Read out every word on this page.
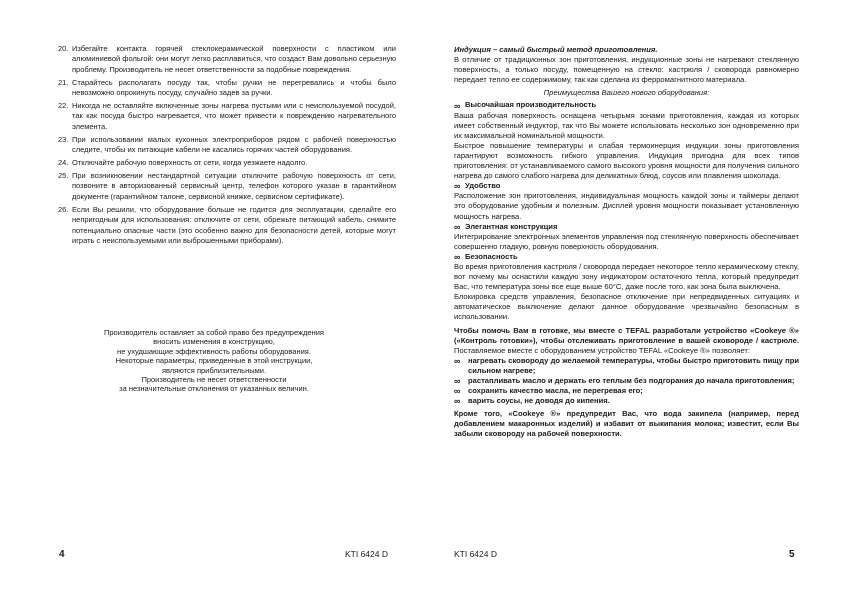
20. Избегайте контакта горячей стеклокерамической поверхности с пластиком или алюминиевой фольгой: они могут легко расплавиться, что создаст Вам довольно серьезную проблему. Производитель не несет ответственности за подобные повреждения.
21. Старайтесь располагать посуду так, чтобы ручки не перегревались и чтобы было невозможно опрокинуть посуду, случайно задев за ручки.
22. Никогда не оставляйте включенные зоны нагрева пустыми или с неиспользуемой посудой, так как посуда быстро нагревается, что может привести к повреждению нагревательного элемента.
23. При использовании малых кухонных электроприборов рядом с рабочей поверхностью следите, чтобы их питающие кабели не касались горячих частей оборудования.
24. Отключайте рабочую поверхность от сети, когда уезжаете надолго.
25. При возникновении нестандартной ситуации отключите рабочую поверхность от сети, позвоните в авторизованный сервисный центр, телефон которого указан в гарантийном документе (гарантийном талоне, сервисной книжке, сервисном сертификате).
26. Если Вы решили, что оборудование больше не годится для эксплуатации, сделайте его непригодным для использования: отключите от сети, обрежьте питающий кабель, снимите потенциально опасные части (это особенно важно для безопасности детей, которые могут играть с неиспользуемыми или выброшенными приборами).
Производитель оставляет за собой право без предупреждения
вносить изменения в конструкцию,
не ухудшающие эффективность работы оборудования.
Некоторые параметры, приведенные в этой инструкции,
являются приблизительными.
Производитель не несет ответственности
за незначительные отклонения от указанных величин.
4	KTI 6424 D

Индукция – самый быстрый метод приготовления.

В отличие от традиционных зон приготовления, индукционные зоны не нагревают стеклянную поверхность, а только посуду, помещенную на стекло: кастрюля / сковорода равномерно передает тепло ее содержимому, так как сделана из ферромагнитного материала.

Преимущества Вашего нового оборудования:

∞ Высочайшая производительность

Ваша рабочая поверхность оснащена четырьмя зонами приготовления, каждая из которых имеет собственный индуктор, так что Вы можете использовать несколько зон одновременно при их максимальной номинальной мощности.

Быстрое повышение температуры и слабая термоинерция индукции зоны приготовления гарантируют возможность гибкого управления. Индукция пригодна для всех типов приготовления: от устанавливаемого самого высокого уровня мощности для получения сильного нагрева до самого слабого нагрева для деликатных блюд, соусов или плавления шоколада.

∞ Удобство

Расположение зон приготовления, индивидуальная мощность каждой зоны и таймеры делают это оборудование удобным и полезным. Дисплей уровня мощности показывает установленную мощность нагрева.

∞ Элегантная конструкция

Интегрирование электронных элементов управления под стеклянную поверхность обеспечивает совершенно гладкую, ровную поверхность оборудования.

∞ Безопасность

Во время приготовления кастрюля / сковорода передает некоторое тепло керамическому стеклу, вот почему мы оснастили каждую зону индикатором остаточного тепла, который предупредит Вас, что температура зоны все еще выше 60°C, даже после того, как зона была выключена.

Блокировка средств управления, безопасное отключение при непредвиденных ситуациях и автоматическое выключение делают данное оборудование чрезвычайно безопасным в использовании.

Чтобы помочь Вам в готовке, мы вместе с TEFAL разработали устройство «Cookeye ®» («Контроль готовки»), чтобы отслеживать приготовление в вашей сковороде / кастрюле. Поставляемое вместе с оборудованием устройство TEFAL «Cookeye ®» позволяет:

∞ нагревать сковороду до желаемой температуры, чтобы быстро приготовить пищу при сильном нагреве;
∞ растапливать масло и держать его теплым без подгорания до начала приготовления;
∞ сохранить качество масла, не перегревая его;
∞ варить соусы, не доводя до кипения.

Кроме того, «Cookeye ®» предупредит Вас, что вода закипела (например, перед добавлением макаронных изделий) и избавит от выкипания молока; известит, если Вы забыли сковороду на рабочей поверхности.

KTI 6424 D	5
